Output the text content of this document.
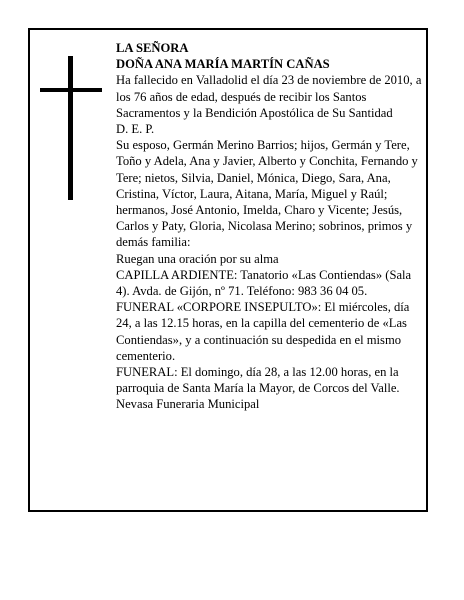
LA SEÑORA

DOÑA ANA MARÍA MARTÍN CAÑAS

Ha fallecido en Valladolid el día 23 de noviembre de 2010, a los 76 años de edad, después de recibir los Santos Sacramentos y la Bendición Apostólica de Su Santidad

D. E. P.

Su esposo, Germán Merino Barrios; hijos, Germán y Tere, Toño y Adela, Ana y Javier, Alberto y Conchita, Fernando y Tere; nietos, Silvia, Daniel, Mónica, Diego, Sara, Ana, Cristina, Víctor, Laura, Aitana, María, Miguel y Raúl; hermanos, José Antonio, Imelda, Charo y Vicente; Jesús, Carlos y Paty, Gloria, Nicolasa Merino; sobrinos, primos y demás familia:

Ruegan una oración por su alma

CAPILLA ARDIENTE: Tanatorio «Las Contiendas» (Sala 4). Avda. de Gijón, nº 71. Teléfono: 983 36 04 05.

FUNERAL «CORPORE INSEPULTO»: El miércoles, día 24, a las 12.15 horas, en la capilla del cementerio de «Las Contiendas», y a continuación su despedida en el mismo cementerio.

FUNERAL: El domingo, día 28, a las 12.00 horas, en la parroquia de Santa María la Mayor, de Corcos del Valle.

Nevasa Funeraria Municipal
